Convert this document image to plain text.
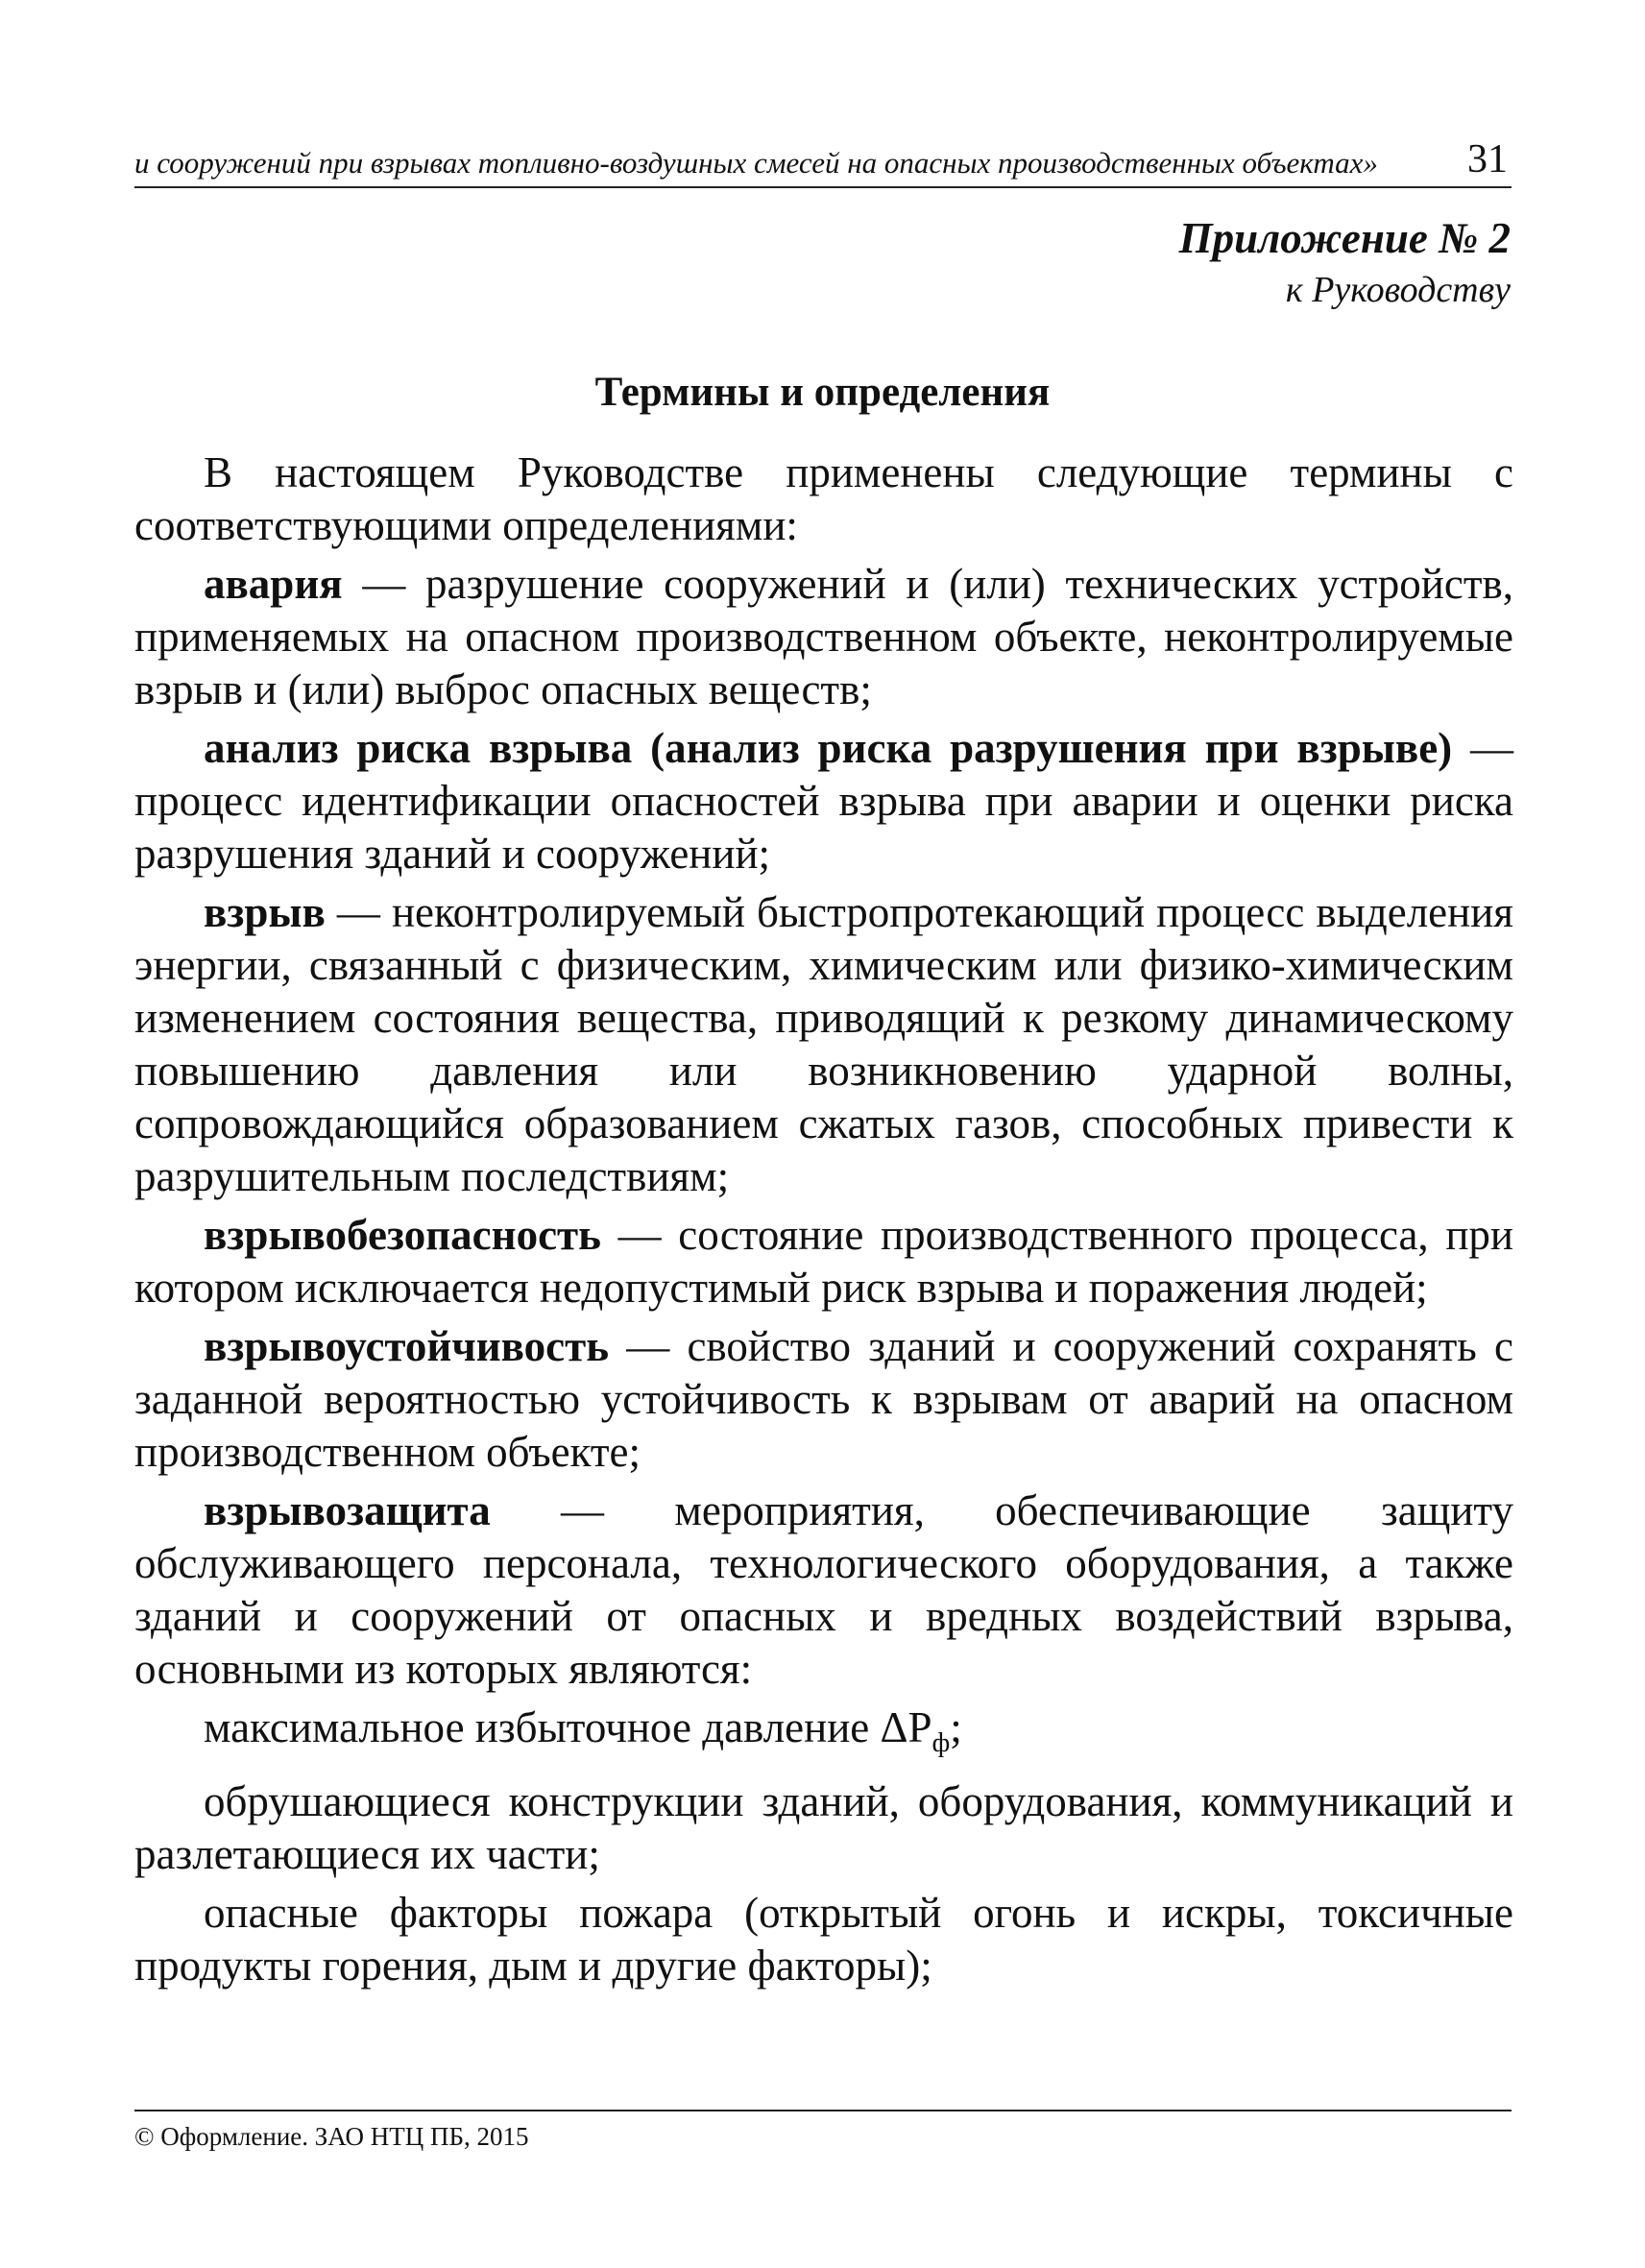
и сооружений при взрывах топливно-воздушных смесей на опасных производственных объектах» 31
Приложение № 2
к Руководству
Термины и определения

В настоящем Руководстве применены следующие термины с соответствующими определениями:

авария — разрушение сооружений и (или) технических устройств, применяемых на опасном производственном объекте, неконтролируемые взрыв и (или) выброс опасных веществ;

анализ риска взрыва (анализ риска разрушения при взрыве) — процесс идентификации опасностей взрыва при аварии и оценки риска разрушения зданий и сооружений;

взрыв — неконтролируемый быстропротекающий процесс выделения энергии, связанный с физическим, химическим или физико-химическим изменением состояния вещества, приводящий к резкому динамическому повышению давления или возникновению ударной волны, сопровождающийся образованием сжатых газов, способных привести к разрушительным последствиям;

взрывобезопасность — состояние производственного процесса, при котором исключается недопустимый риск взрыва и поражения людей;

взрывоустойчивость — свойство зданий и сооружений сохранять с заданной вероятностью устойчивость к взрывам от аварий на опасном производственном объекте;

взрывозащита — мероприятия, обеспечивающие защиту обслуживающего персонала, технологического оборудования, а также зданий и сооружений от опасных и вредных воздействий взрыва, основными из которых являются:

максимальное избыточное давление $\Delta P_ф$;

обрушающиеся конструкции зданий, оборудования, коммуникаций и разлетающиеся их части;

опасные факторы пожара (открытый огонь и искры, токсичные продукты горения, дым и другие факторы);

© Оформление. ЗАО НТЦ ПБ, 2015
